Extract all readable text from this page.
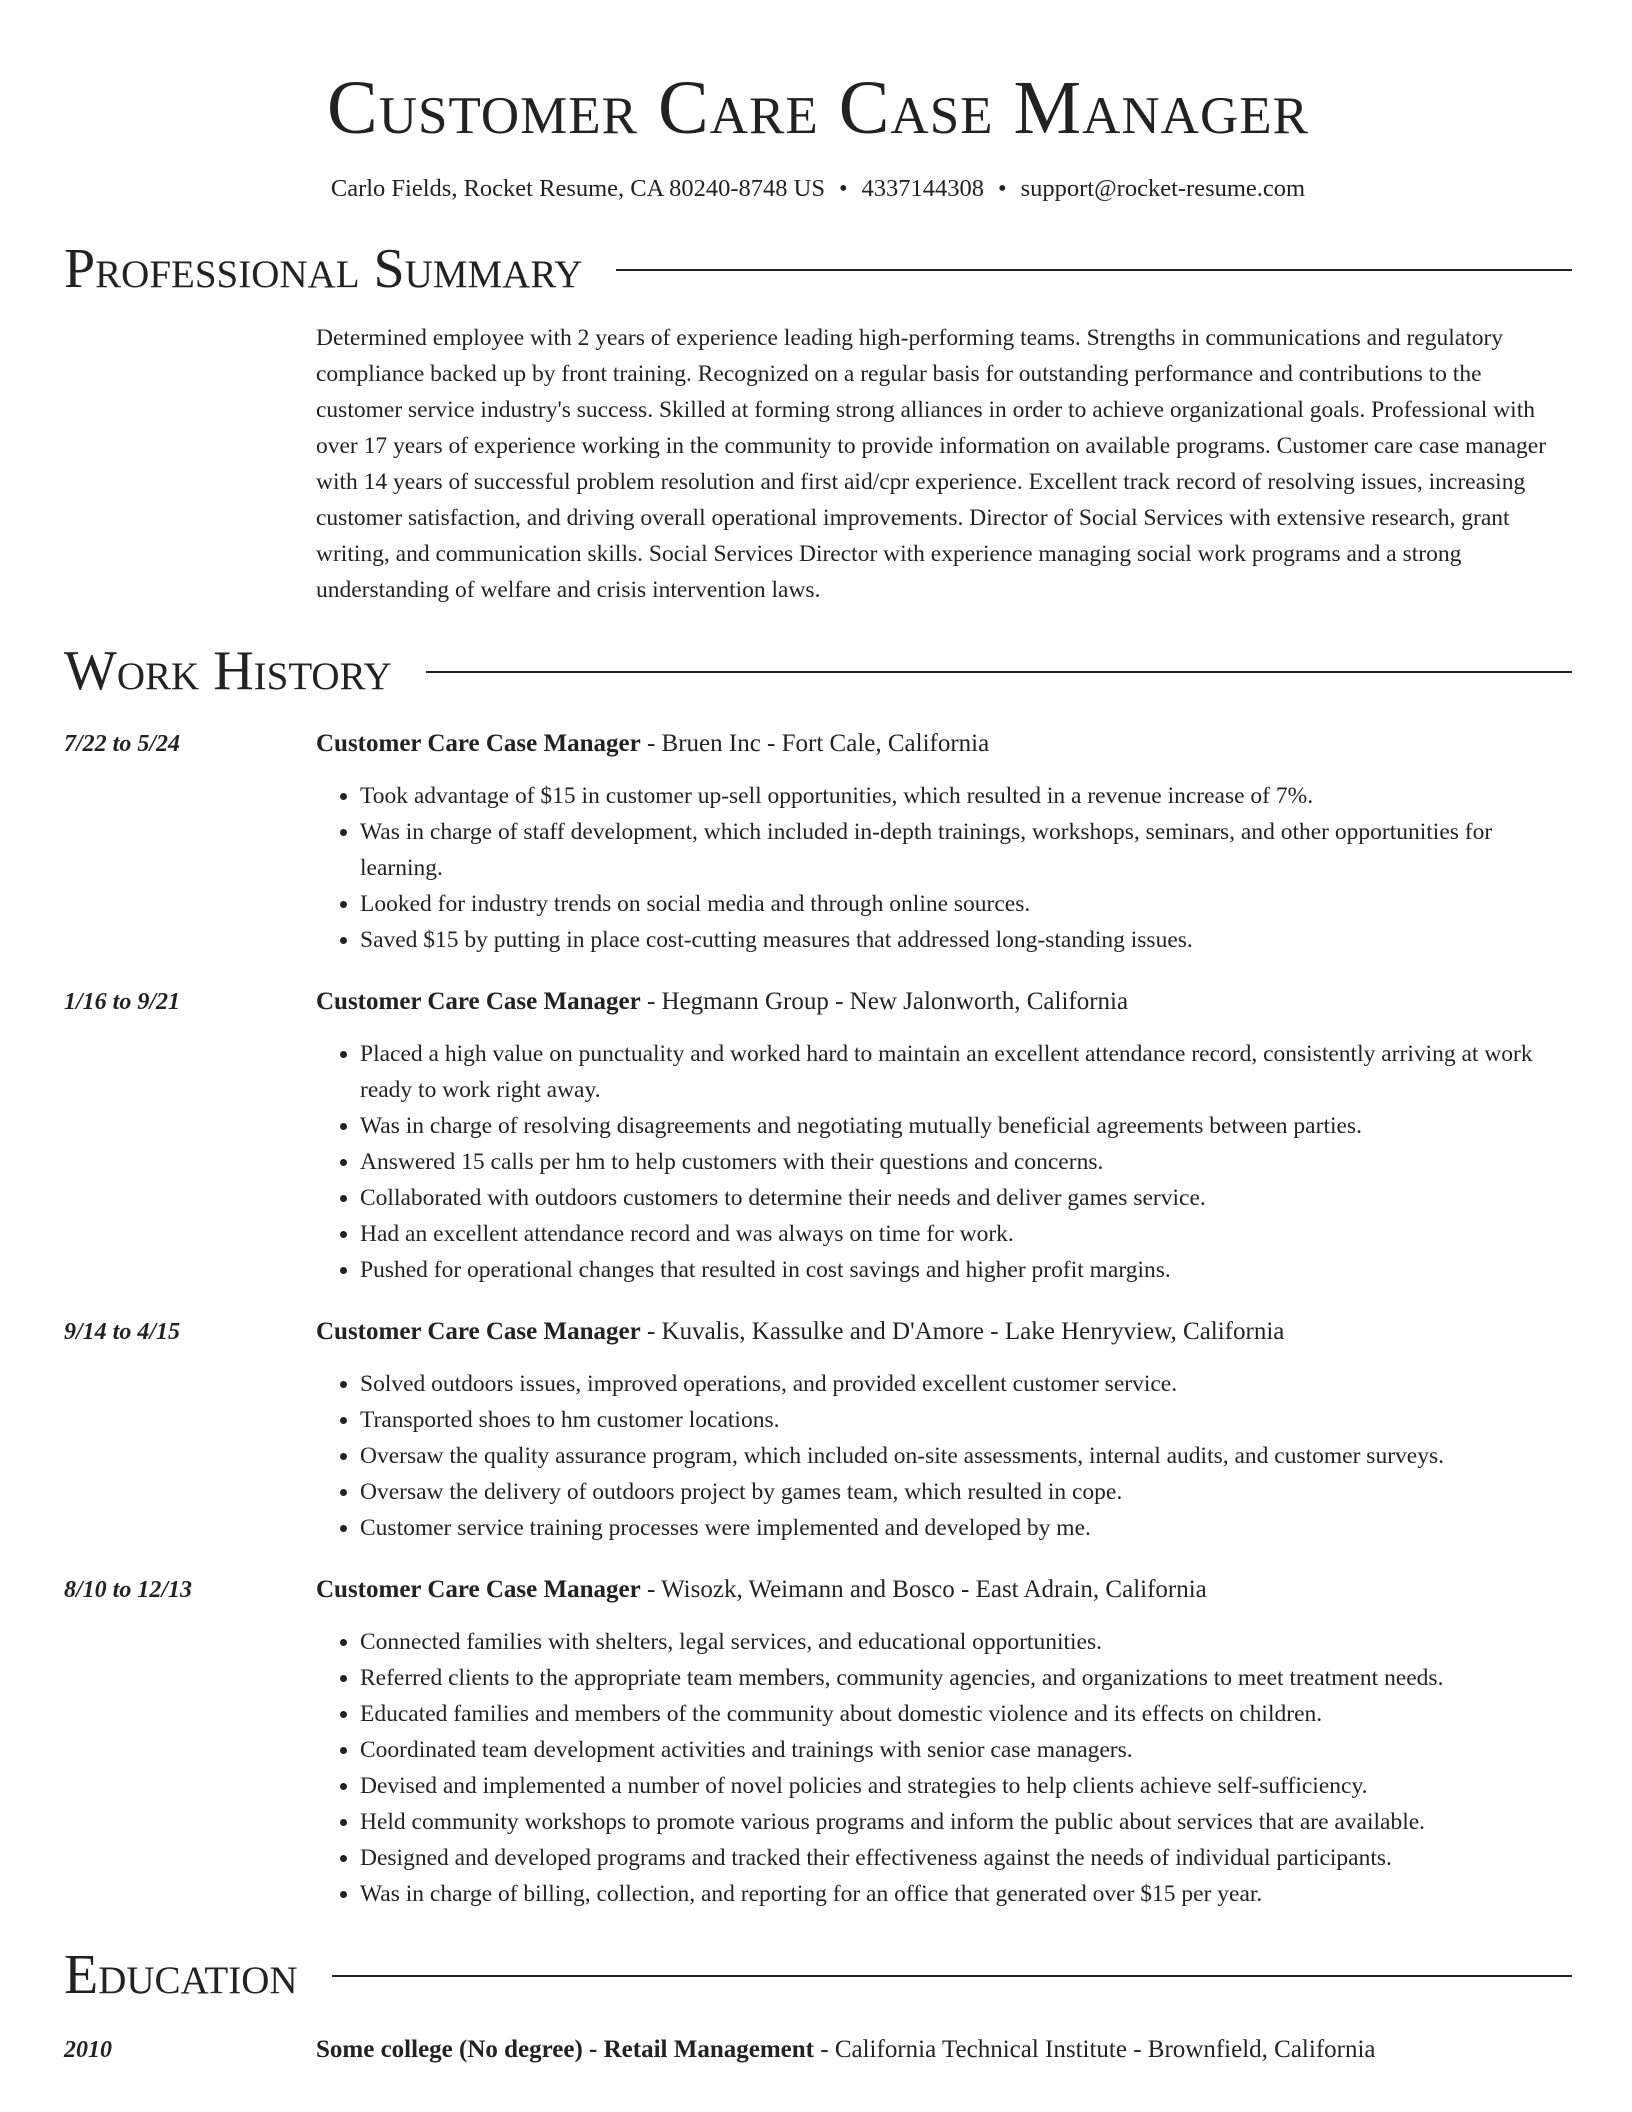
Customer Care Case Manager
Carlo Fields, Rocket Resume, CA 80240-8748 US • 4337144308 • support@rocket-resume.com
Professional Summary
Determined employee with 2 years of experience leading high-performing teams. Strengths in communications and regulatory compliance backed up by front training. Recognized on a regular basis for outstanding performance and contributions to the customer service industry's success. Skilled at forming strong alliances in order to achieve organizational goals. Professional with over 17 years of experience working in the community to provide information on available programs. Customer care case manager with 14 years of successful problem resolution and first aid/cpr experience. Excellent track record of resolving issues, increasing customer satisfaction, and driving overall operational improvements. Director of Social Services with extensive research, grant writing, and communication skills. Social Services Director with experience managing social work programs and a strong understanding of welfare and crisis intervention laws.
Work History
7/22 to 5/24	Customer Care Case Manager - Bruen Inc - Fort Cale, California
• Took advantage of $15 in customer up-sell opportunities, which resulted in a revenue increase of 7%.
• Was in charge of staff development, which included in-depth trainings, workshops, seminars, and other opportunities for learning.
• Looked for industry trends on social media and through online sources.
• Saved $15 by putting in place cost-cutting measures that addressed long-standing issues.
1/16 to 9/21	Customer Care Case Manager - Hegmann Group - New Jalonworth, California
• Placed a high value on punctuality and worked hard to maintain an excellent attendance record, consistently arriving at work ready to work right away.
• Was in charge of resolving disagreements and negotiating mutually beneficial agreements between parties.
• Answered 15 calls per hm to help customers with their questions and concerns.
• Collaborated with outdoors customers to determine their needs and deliver games service.
• Had an excellent attendance record and was always on time for work.
• Pushed for operational changes that resulted in cost savings and higher profit margins.
9/14 to 4/15	Customer Care Case Manager - Kuvalis, Kassulke and D'Amore - Lake Henryview, California
• Solved outdoors issues, improved operations, and provided excellent customer service.
• Transported shoes to hm customer locations.
• Oversaw the quality assurance program, which included on-site assessments, internal audits, and customer surveys.
• Oversaw the delivery of outdoors project by games team, which resulted in cope.
• Customer service training processes were implemented and developed by me.
8/10 to 12/13	Customer Care Case Manager - Wisozk, Weimann and Bosco - East Adrain, California
• Connected families with shelters, legal services, and educational opportunities.
• Referred clients to the appropriate team members, community agencies, and organizations to meet treatment needs.
• Educated families and members of the community about domestic violence and its effects on children.
• Coordinated team development activities and trainings with senior case managers.
• Devised and implemented a number of novel policies and strategies to help clients achieve self-sufficiency.
• Held community workshops to promote various programs and inform the public about services that are available.
• Designed and developed programs and tracked their effectiveness against the needs of individual participants.
• Was in charge of billing, collection, and reporting for an office that generated over $15 per year.
Education
2010	Some college (No degree) - Retail Management - California Technical Institute - Brownfield, California
